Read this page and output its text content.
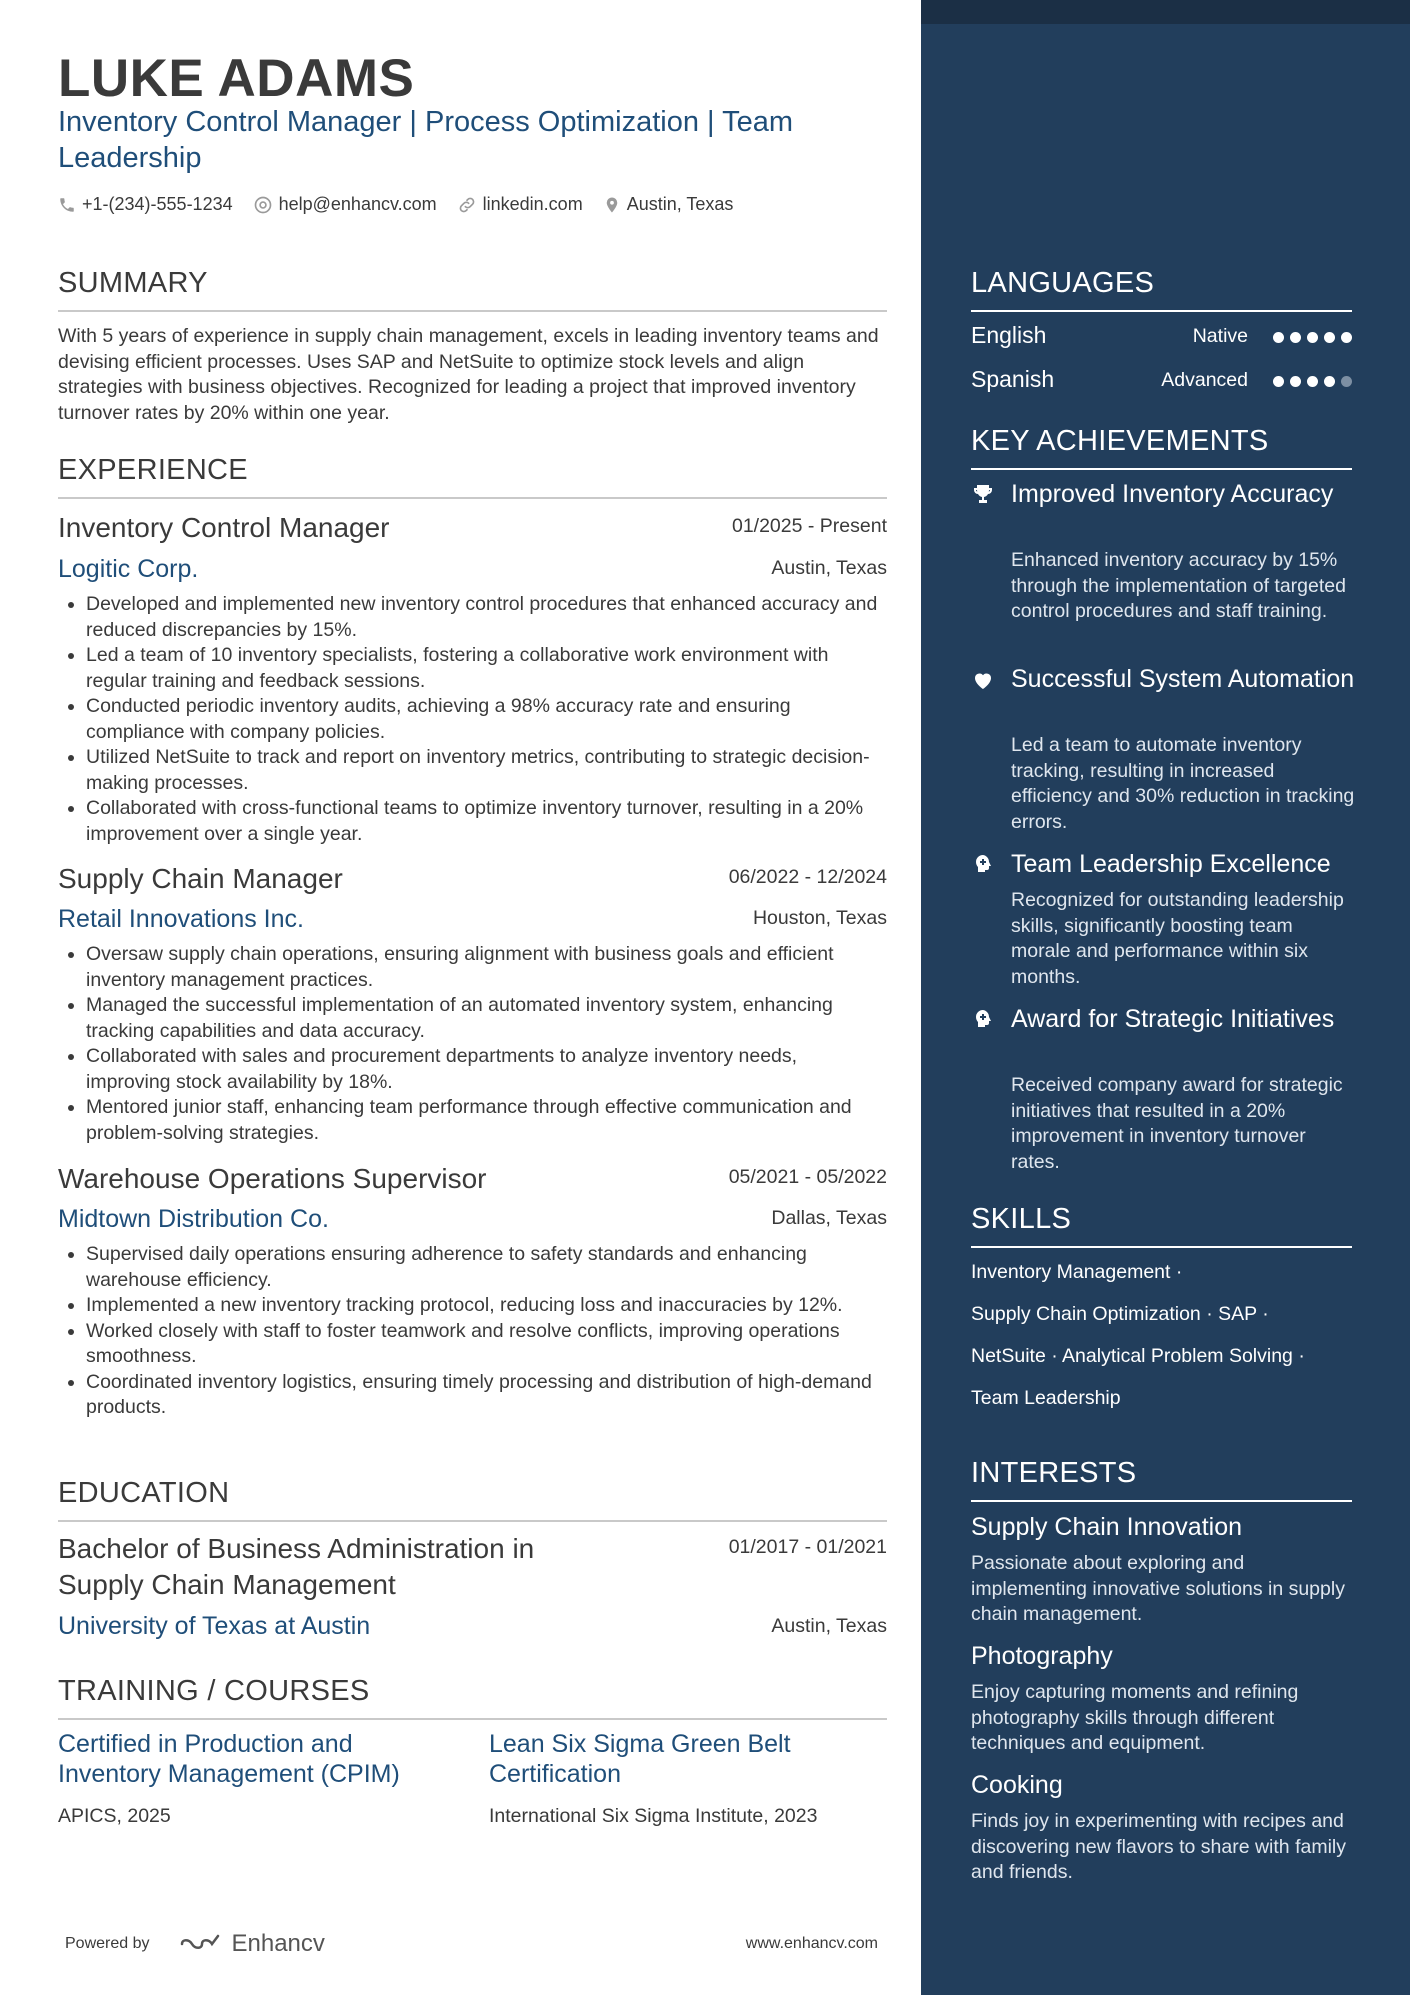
LUKE ADAMS
Inventory Control Manager | Process Optimization | Team Leadership
+1-(234)-555-1234	help@enhancv.com	linkedin.com Austin, Texas
SUMMARY
With 5 years of experience in supply chain management, excels in leading inventory teams and devising efficient processes. Uses SAP and NetSuite to optimize stock levels and align strategies with business objectives. Recognized for leading a project that improved inventory turnover rates by 20% within one year.
EXPERIENCE
Inventory Control Manager	01/2025 - Present
Logitic Corp.	Austin, Texas
Developed and implemented new inventory control procedures that enhanced accuracy and reduced discrepancies by 15%.
Led a team of 10 inventory specialists, fostering a collaborative work environment with regular training and feedback sessions.
Conducted periodic inventory audits, achieving a 98% accuracy rate and ensuring compliance with company policies.
Utilized NetSuite to track and report on inventory metrics, contributing to strategic decision-making processes.
Collaborated with cross-functional teams to optimize inventory turnover, resulting in a 20% improvement over a single year.
Supply Chain Manager	06/2022 - 12/2024
Retail Innovations Inc.	Houston, Texas
Oversaw supply chain operations, ensuring alignment with business goals and efficient inventory management practices.
Managed the successful implementation of an automated inventory system, enhancing tracking capabilities and data accuracy.
Collaborated with sales and procurement departments to analyze inventory needs, improving stock availability by 18%.
Mentored junior staff, enhancing team performance through effective communication and problem-solving strategies.
Warehouse Operations Supervisor	05/2021 - 05/2022
Midtown Distribution Co.	Dallas, Texas
Supervised daily operations ensuring adherence to safety standards and enhancing warehouse efficiency.
Implemented a new inventory tracking protocol, reducing loss and inaccuracies by 12%.
Worked closely with staff to foster teamwork and resolve conflicts, improving operations smoothness.
Coordinated inventory logistics, ensuring timely processing and distribution of high-demand products.
EDUCATION
Bachelor of Business Administration in
Supply Chain Management
01/2017 - 01/2021
University of Texas at Austin	Austin, Texas
TRAINING / COURSES
Certified in Production and Inventory Management (CPIM)
APICS, 2025
Lean Six Sigma Green Belt Certification
International Six Sigma Institute, 2023
Powered by	Enhancv	www.enhancv.com
LANGUAGES
English	Native
Spanish	Advanced
KEY ACHIEVEMENTS
Improved Inventory Accuracy
Enhanced inventory accuracy by 15% through the implementation of targeted control procedures and staff training.
Successful System Automation
Led a team to automate inventory tracking, resulting in increased efficiency and 30% reduction in tracking errors.
Team Leadership Excellence
Recognized for outstanding leadership skills, significantly boosting team morale and performance within six months.
Award for Strategic Initiatives
Received company award for strategic initiatives that resulted in a 20% improvement in inventory turnover rates.
SKILLS
Inventory Management ·
Supply Chain Optimization · SAP ·
NetSuite · Analytical Problem Solving ·
Team Leadership
INTERESTS
Supply Chain Innovation
Passionate about exploring and implementing innovative solutions in supply chain management.
Photography
Enjoy capturing moments and refining photography skills through different techniques and equipment.
Cooking
Finds joy in experimenting with recipes and discovering new flavors to share with family and friends.
